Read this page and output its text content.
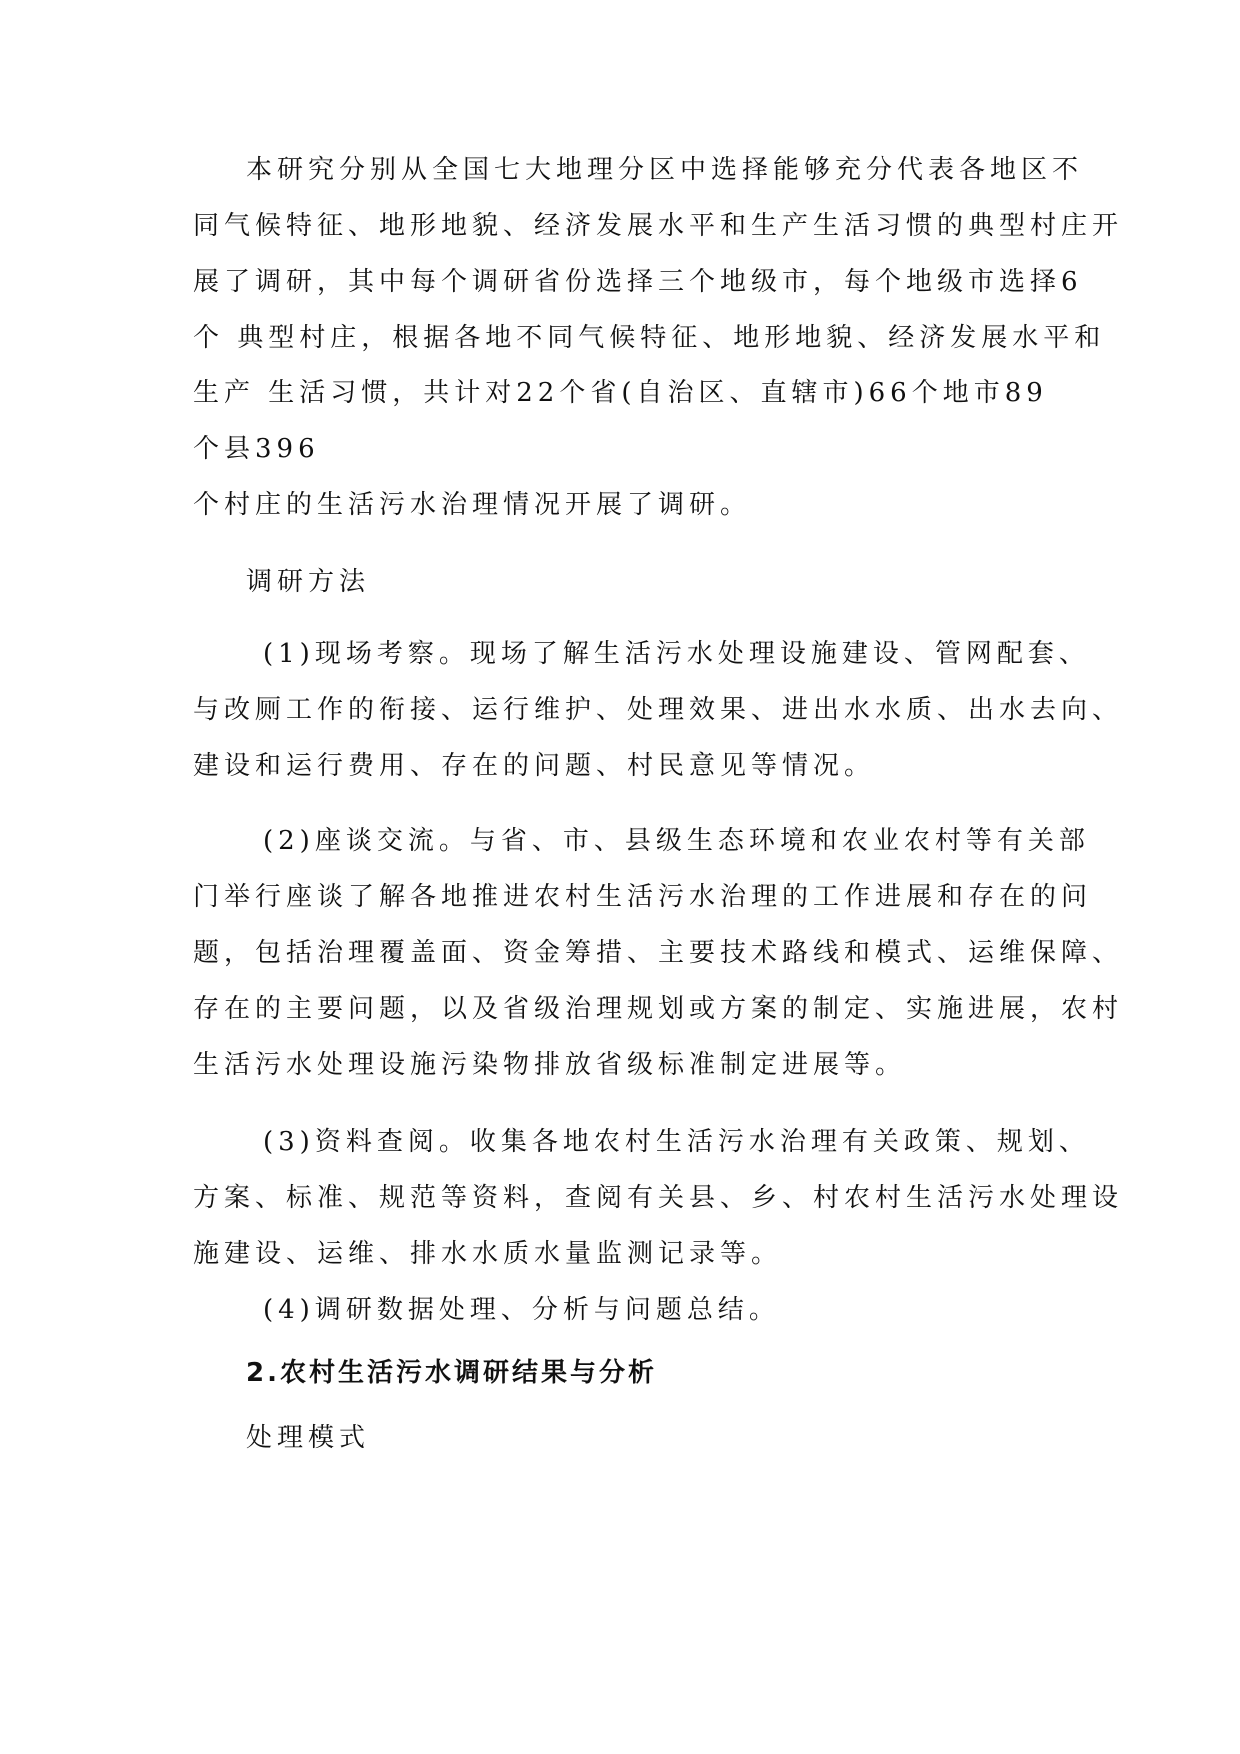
本研究分别从全国七大地理分区中选择能够充分代表各地区不
同气候特征、地形地貌、经济发展水平和生产生活习惯的典型村庄开
展了调研，其中每个调研省份选择三个地级市，每个地级市选择6
个 典型村庄，根据各地不同气候特征、地形地貌、经济发展水平和
生产 生活习惯，共计对22个省(自治区、直辖市)66个地市89
个县396
个村庄的生活污水治理情况开展了调研。
调研方法
(1)现场考察。现场了解生活污水处理设施建设、管网配套、
与改厕工作的衔接、运行维护、处理效果、进出水水质、出水去向、
建设和运行费用、存在的问题、村民意见等情况。
(2)座谈交流。与省、市、县级生态环境和农业农村等有关部
门举行座谈了解各地推进农村生活污水治理的工作进展和存在的问
题，包括治理覆盖面、资金筹措、主要技术路线和模式、运维保障、
存在的主要问题，以及省级治理规划或方案的制定、实施进展，农村
生活污水处理设施污染物排放省级标准制定进展等。
(3)资料查阅。收集各地农村生活污水治理有关政策、规划、
方案、标准、规范等资料，查阅有关县、乡、村农村生活污水处理设
施建设、运维、排水水质水量监测记录等。
(4)调研数据处理、分析与问题总结。
2.农村生活污水调研结果与分析
处理模式
